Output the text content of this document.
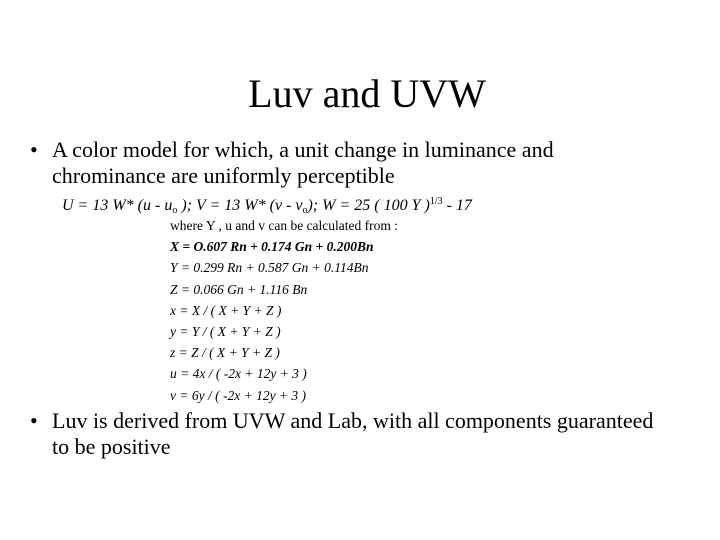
Luv and UVW
• A color model for which, a unit change in luminance and chrominance are uniformly perceptible
U = 13 W* ($u - u_o$ ); V = 13 W* $(v - v_o)$; W = 25 ( 100 Y )$^{1/3}$ - 17
where Y , u and v can be calculated from :
X = O.607 Rn + 0.174 Gn + 0.200Bn
Y = 0.299 Rn + 0.587 Gn + 0.114Bn
Z = 0.066 Gn + 1.116 Bn
x = X / ( X + Y + Z )
y = Y / ( X + Y + Z )
z = Z / ( X + Y + Z )
u = 4x / ( -2x + 12y + 3 )
v = 6y / ( -2x + 12y + 3 )
• Luv is derived from UVW and Lab, with all components guaranteed to be positive
